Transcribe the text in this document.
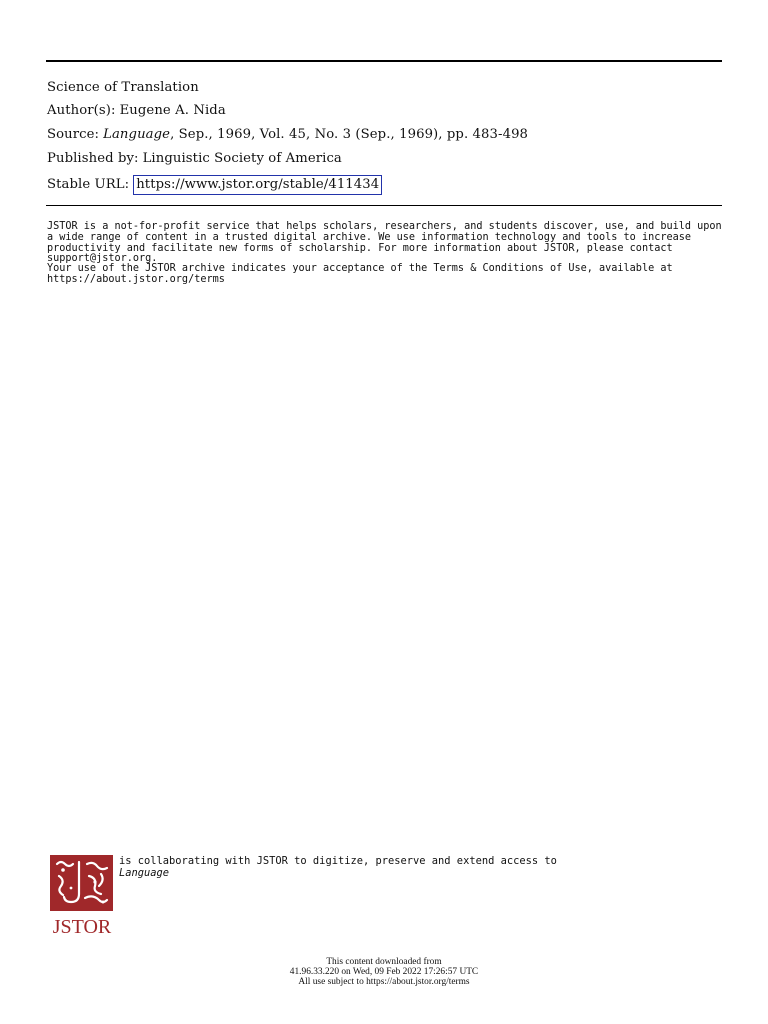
Science of Translation
Author(s): Eugene A. Nida
Source: Language, Sep., 1969, Vol. 45, No. 3 (Sep., 1969), pp. 483-498
Published by: Linguistic Society of America
Stable URL: https://www.jstor.org/stable/411434
JSTOR is a not-for-profit service that helps scholars, researchers, and students discover, use, and build upon a wide range of content in a trusted digital archive. We use information technology and tools to increase productivity and facilitate new forms of scholarship. For more information about JSTOR, please contact support@jstor.org.
Your use of the JSTOR archive indicates your acceptance of the Terms & Conditions of Use, available at https://about.jstor.org/terms
JSTOR
is collaborating with JSTOR to digitize, preserve and extend access to
Language
This content downloaded from
41.96.33.220 on Wed, 09 Feb 2022 17:26:57 UTC
All use subject to https://about.jstor.org/terms
